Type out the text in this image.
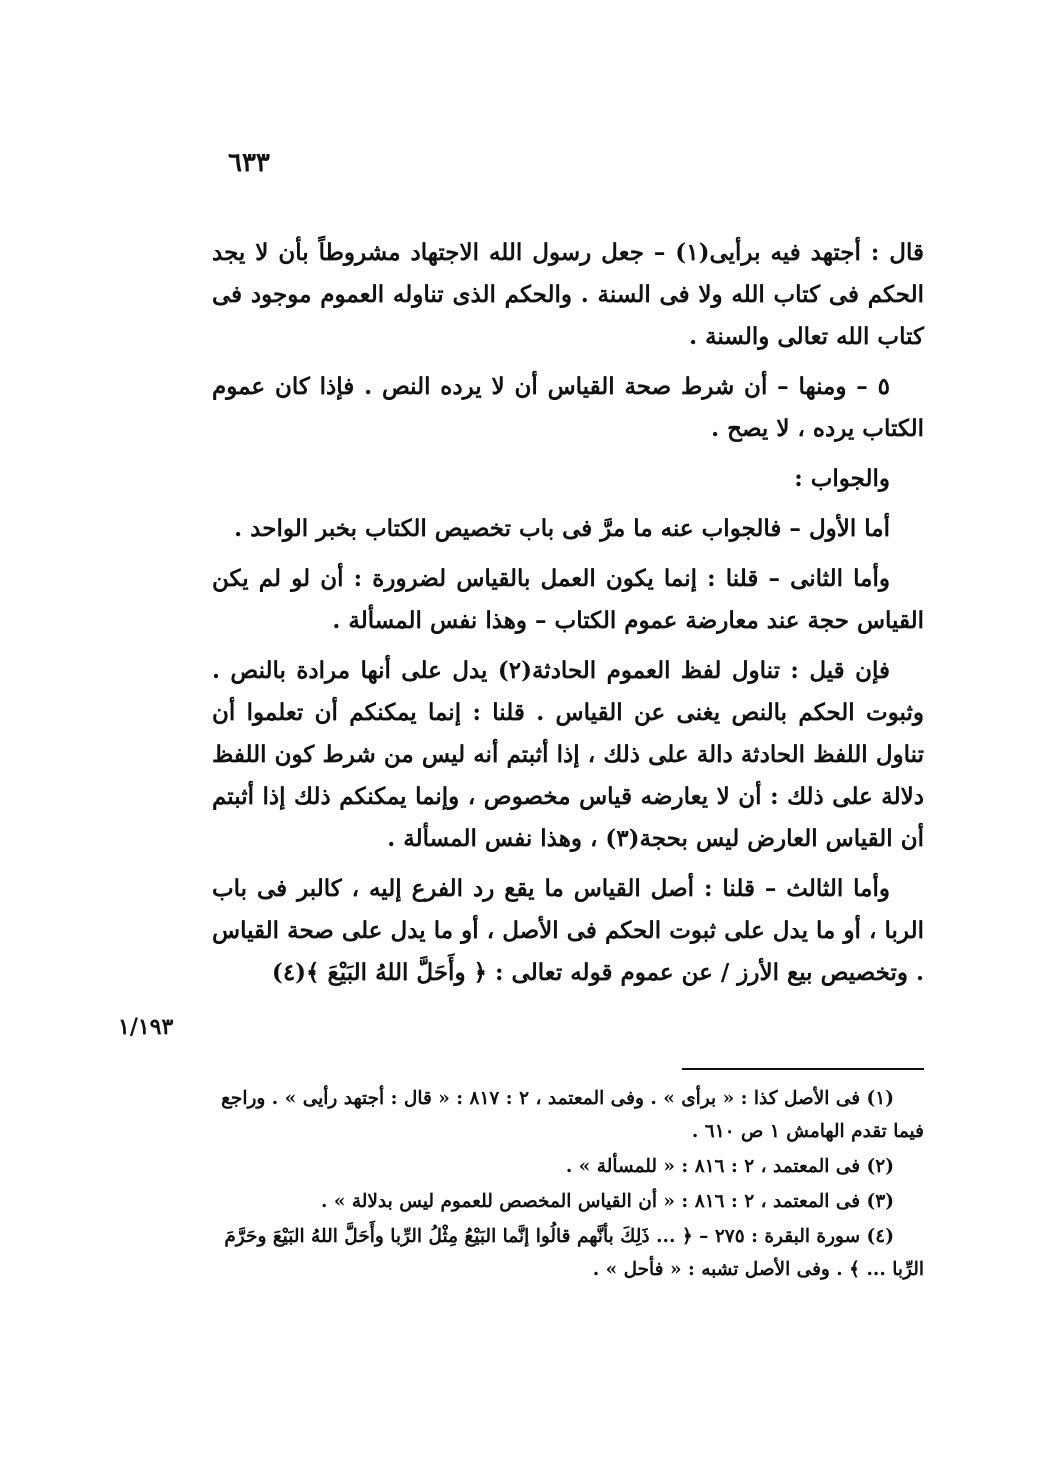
٦٣٣

قال : أجتهد فيه برأيى(١) – جعل رسول الله الاجتهاد مشروطاً بأن لا يجد الحكم فى كتاب الله ولا فى السنة . والحكم الذى تناوله العموم موجود فى كتاب الله تعالى والسنة .

٥ – ومنها – أن شرط صحة القياس أن لا يرده النص . فإذا كان عموم الكتاب يرده ، لا يصح .

والجواب :

أما الأول – فالجواب عنه ما مرَّ فى باب تخصيص الكتاب بخبر الواحد .

وأما الثانى – قلنا : إنما يكون العمل بالقياس لضرورة : أن لو لم يكن القياس حجة عند معارضة عموم الكتاب – وهذا نفس المسألة .

فإن قيل : تناول لفظ العموم الحادثة(٢) يدل على أنها مرادة بالنص . وثبوت الحكم بالنص يغنى عن القياس . قلنا : إنما يمكنكم أن تعلموا أن تناول اللفظ الحادثة دالة على ذلك ، إذا أثبتم أنه ليس من شرط كون اللفظ دلالة على ذلك : أن لا يعارضه قياس مخصوص ، وإنما يمكنكم ذلك إذا أثبتم أن القياس العارض ليس بحجة(٣) ، وهذا نفس المسألة .

وأما الثالث – قلنا : أصل القياس ما يقع رد الفرع إليه ، كالبر فى باب الربا ، أو ما يدل على ثبوت الحكم فى الأصل ، أو ما يدل على صحة القياس . وتخصيص بيع الأرز / عن عموم قوله تعالى : ﴿ وأَحَلَّ اللهُ البَيْعَ ﴾(٤)

١/١٩٣

(١) فى الأصل كذا : « برأى » . وفى المعتمد ، ٢ : ٨١٧ : « قال : أجتهد رأيى » . وراجع فيما تقدم الهامش ١ ص ٦١٠ .

(٢) فى المعتمد ، ٢ : ٨١٦ : « للمسألة » .

(٣) فى المعتمد ، ٢ : ٨١٦ : « أن القياس المخصص للعموم ليس بدلالة » .

(٤) سورة البقرة : ٢٧٥ – ﴿ ... ذَلِكَ بأنَّهم قالُوا إنَّما البَيْعُ مِثْلُ الرِّبا وأَحَلَّ اللهُ البَيْعَ وحَرَّمَ الرِّبا ... ﴾ . وفى الأصل تشبه : « فأحل » .
